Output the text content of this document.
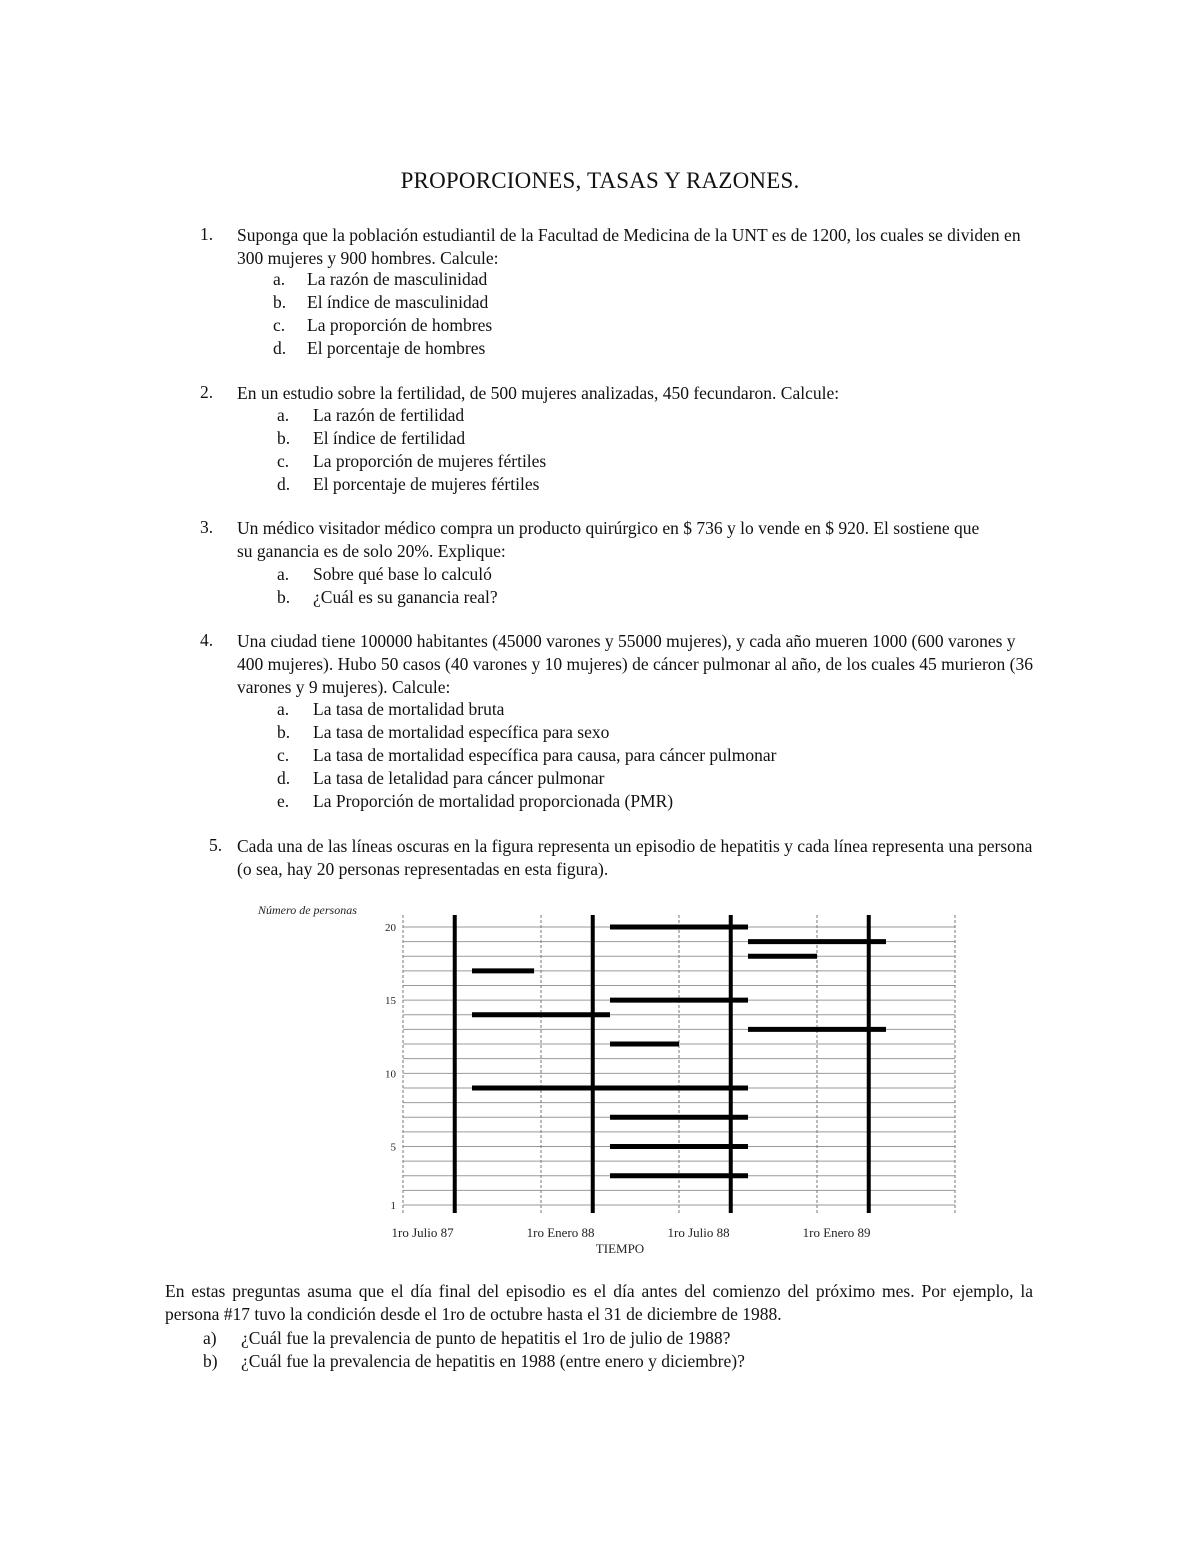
PROPORCIONES, TASAS Y RAZONES.
1. Suponga que la población estudiantil de la Facultad de Medicina de la UNT es de 1200, los cuales se dividen en 300 mujeres y 900 hombres. Calcule:
a. La razón de masculinidad
b. El índice de masculinidad
c. La proporción de hombres
d. El porcentaje de hombres
2. En un estudio sobre la fertilidad, de 500 mujeres analizadas, 450 fecundaron. Calcule:
a. La razón de fertilidad
b. El índice de fertilidad
c. La proporción de mujeres fértiles
d. El porcentaje de mujeres fértiles
3. Un médico visitador médico compra un producto quirúrgico en $ 736 y lo vende en $ 920. El sostiene que su ganancia es de solo 20%. Explique:
a. Sobre qué base lo calculó
b. ¿Cuál es su ganancia real?
4. Una ciudad tiene 100000 habitantes (45000 varones y 55000 mujeres), y cada año mueren 1000 (600 varones y 400 mujeres). Hubo 50 casos (40 varones y 10 mujeres) de cáncer pulmonar al año, de los cuales 45 murieron (36 varones y 9 mujeres). Calcule:
a. La tasa de mortalidad bruta
b. La tasa de mortalidad específica para sexo
c. La tasa de mortalidad específica para causa, para cáncer pulmonar
d. La tasa de letalidad para cáncer pulmonar
e. La Proporción de mortalidad proporcionada (PMR)
5. Cada una de las líneas oscuras en la figura representa un episodio de hepatitis y cada línea representa una persona (o sea, hay 20 personas representadas en esta figura).
Número de personas
1
5
10
15
20
1ro Julio 87	1ro Enero 88	1ro Julio 88	1ro Enero 89
TIEMPO
En estas preguntas asuma que el día final del episodio es el día antes del comienzo del próximo mes. Por ejemplo, la persona #17 tuvo la condición desde el 1ro de octubre hasta el 31 de diciembre de 1988.
a) ¿Cuál fue la prevalencia de punto de hepatitis el 1ro de julio de 1988?
b) ¿Cuál fue la prevalencia de hepatitis en 1988 (entre enero y diciembre)?
